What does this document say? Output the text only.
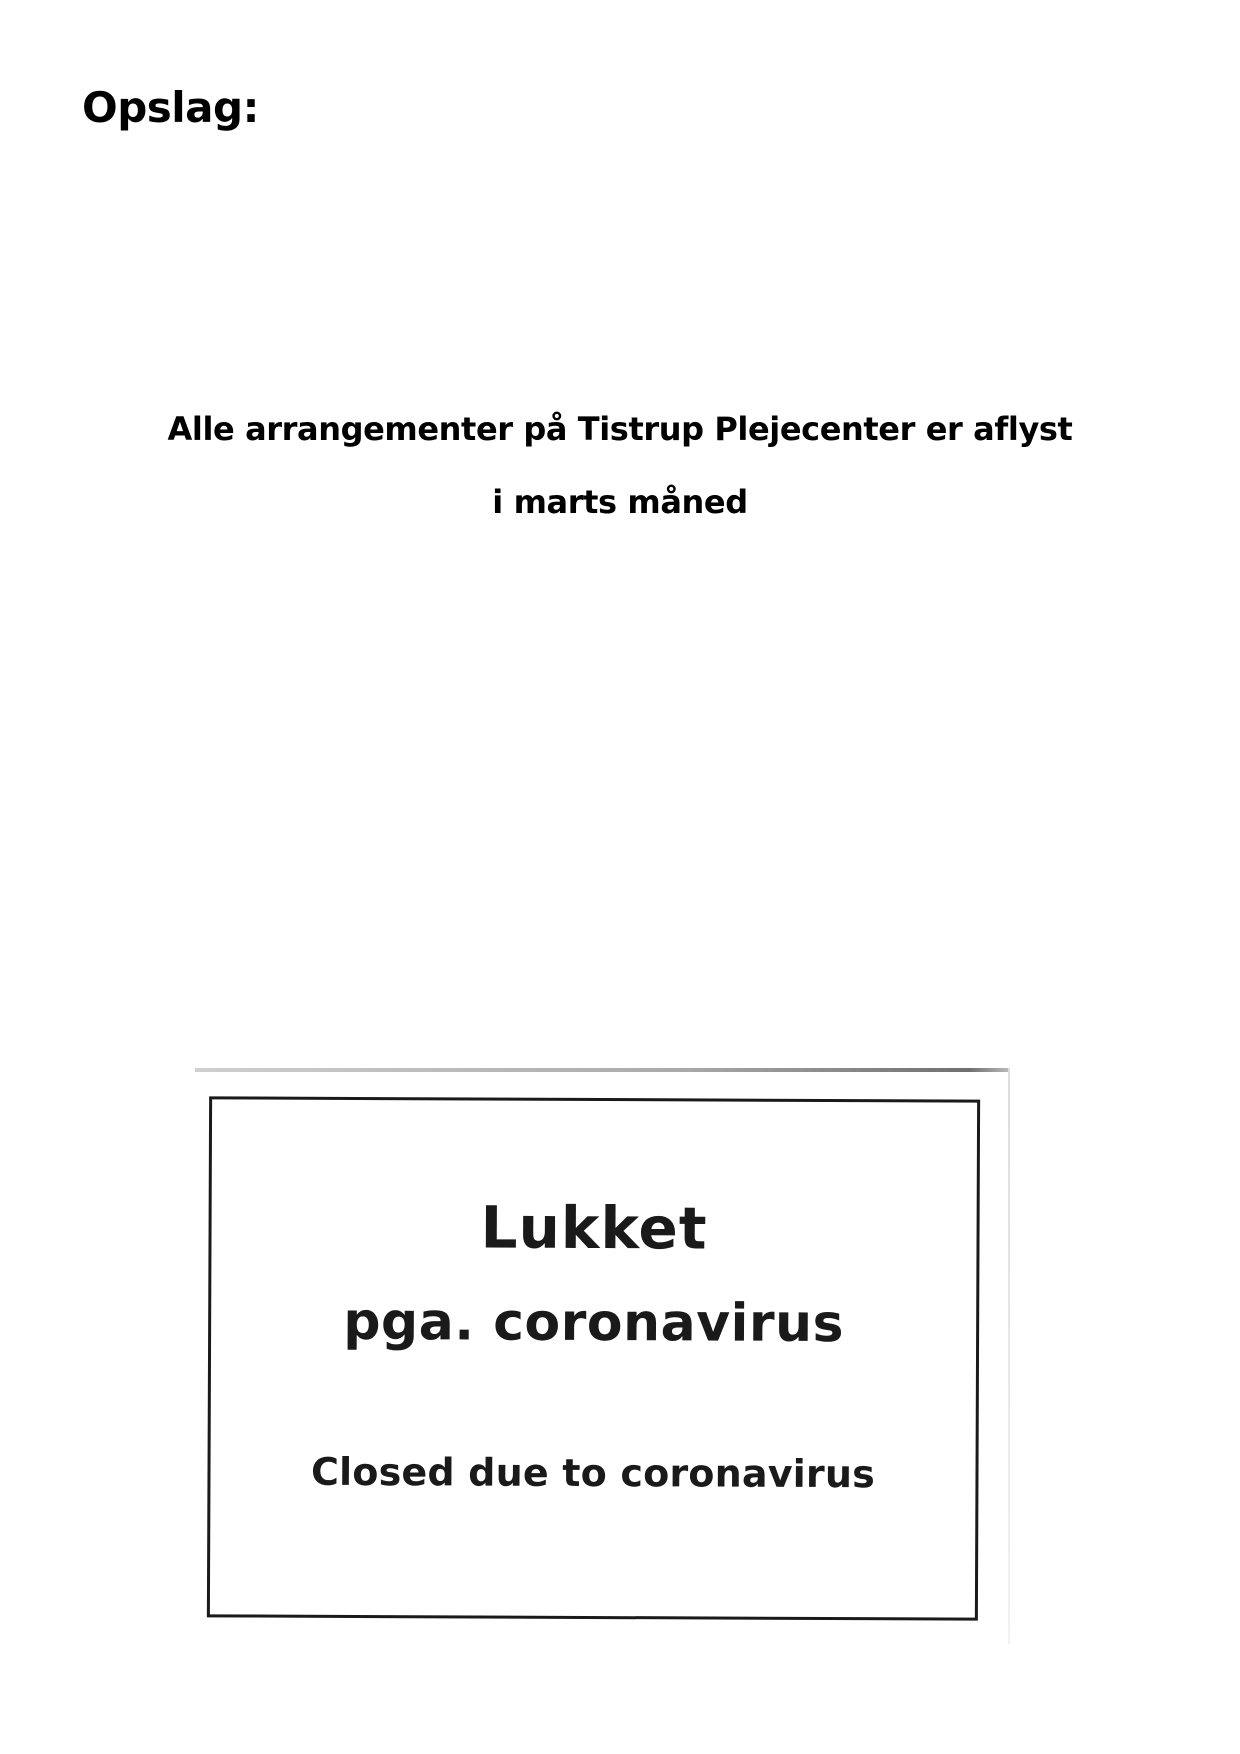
Opslag:

Alle arrangementer på Tistrup Plejecenter er aflyst

i marts måned

Lukket

pga. coronavirus

Closed due to coronavirus
